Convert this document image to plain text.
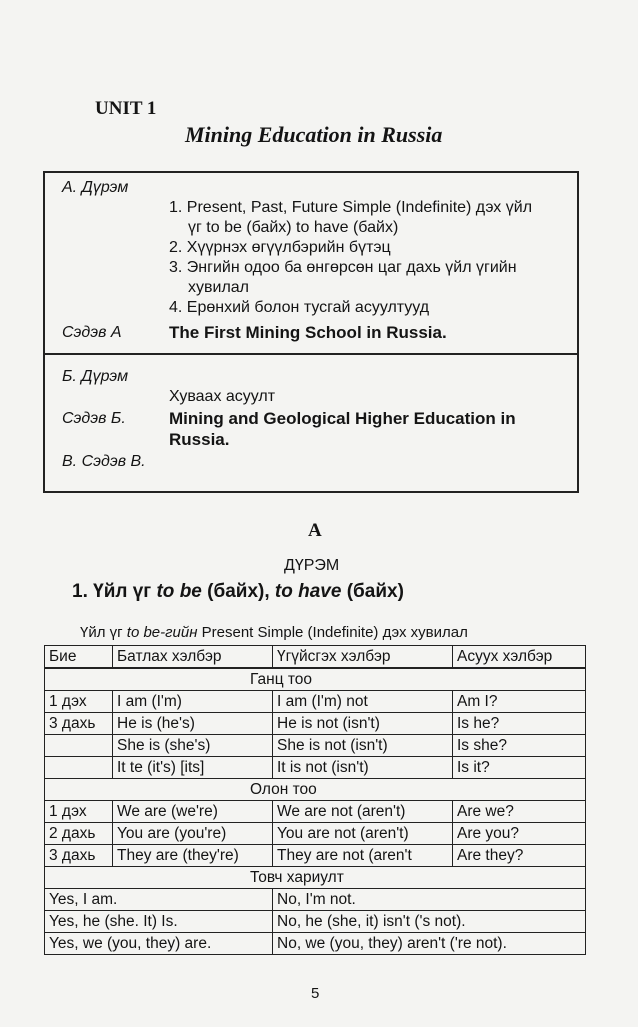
UNIT 1
Mining Education in Russia
А. Дүрэм
1. Present, Past, Future Simple (Indefinite) дэх үйл
үг to be (байх) to have (байх)
2. Хүүрнэх өгүүлбэрийн бүтэц
3. Энгийн одоо ба өнгөрсөн цаг дахь үйл үгийн
хувилал
4. Ерөнхий болон тусгай асуултууд
Сэдэв А	The First Mining School in Russia.
Б. Дүрэм
Хуваах асуулт
Сэдэв Б.	Mining and Geological Higher Education in
Russia.
В. Сэдэв В.
A
ДҮРЭМ
1. Үйл үг to be (байх), to have (байх)
Үйл үг to be-гийн Present Simple (Indefinite) дэх хувилал
Бие	Батлах хэлбэр	Үгүйсгэх хэлбэр	Асуух хэлбэр
Ганц тоо			
1 дэх	I am (I'm)	I am (I'm) not	Am I?
3 дахь	He is (he's)	He is not (isn't)	Is he?
	She is (she's)	She is not (isn't)	Is she?
	It te (it's) [its]	It is not (isn't)	Is it?
Олон тоо			
1 дэх	We are (we're)	We are not (aren't)	Are we?
2 дахь	You are (you're)	You are not (aren't)	Are you?
3 дахь	They are (they're)	They are not (aren't	Are they?
Товч хариулт			
Yes, I am.		No, I'm not.	
Yes, he (she. It) Is.		No, he (she, it) isn't ('s not).	
Yes, we (you, they) are.		No, we (you, they) aren't ('re not).	
5
